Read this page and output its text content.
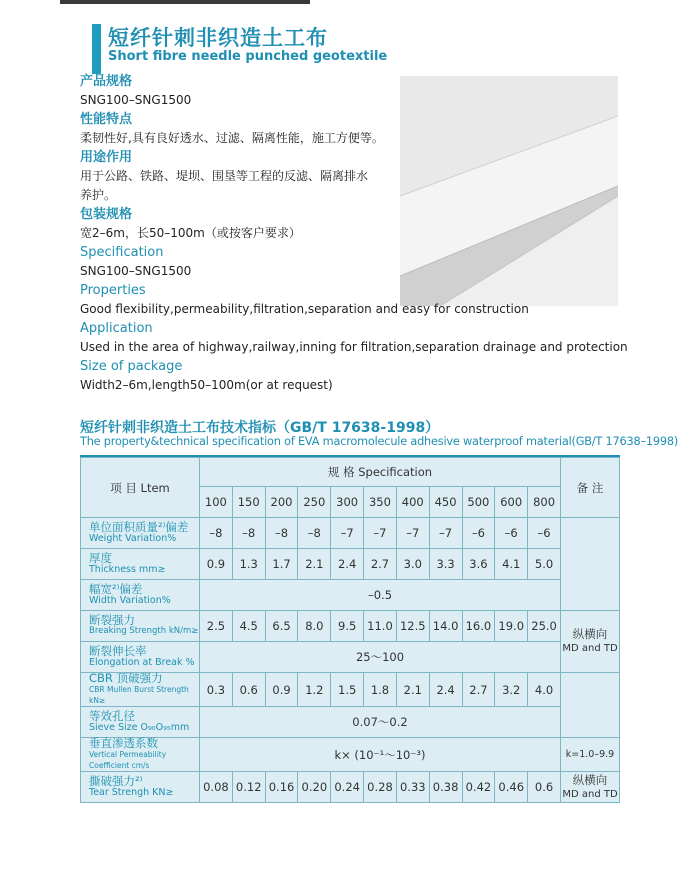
短纤针刺非织造土工布
Short fibre needle punched geotextile
产品规格
SNG100–SNG1500
性能特点
柔韧性好,具有良好透水、过滤、隔离性能，施工方便等。
用途作用
用于公路、铁路、堤坝、围垦等工程的反滤、隔离排水
养护。
包装规格
宽2–6m，长50–100m（或按客户要求）
Specification
SNG100–SNG1500
Properties
Good flexibility,permeability,filtration,separation and easy for construction
Application
Used in the area of highway,railway,inning for filtration,separation drainage and protection
Size of package
Width2–6m,length50–100m(or at request)
短纤针刺非织造土工布技术指标（GB/T 17638-1998）
The property&technical specification of EVA macromolecule adhesive waterproof material(GB/T 17638–1998)
项 目 Ltem	规 格 Specification											备 注
	100	150	200	250	300	350	400	450	500	600	800	

单位面积质量²⁾偏差
Weight Variation%	–8	–8	–8	–8	–7	–7	–7	–7	–6	–6	–6	

厚度
Thickness mm≥	0.9	1.3	1.7	2.1	2.4	2.7	3.0	3.3	3.6	4.1	5.0	

幅宽²⁾偏差
Width Variation%	–0.5											

断裂强力
Breaking Strength kN/m≥	2.5	4.5	6.5	8.0	9.5	11.0	12.5	14.0	16.0	19.0	25.0	纵横向
MD and TD

断裂伸长率
Elongation at Break %	25～100											

CBR 顶破强力
CBR Mullen Burst Strength kN≥	0.3	0.6	0.9	1.2	1.5	1.8	2.1	2.4	2.7	3.2	4.0	

等效孔径
Sieve Size O₉₀O₉₅mm	0.07～0.2											

垂直渗透系数
Vertical Permeability Coefficient cm/s	k× (10⁻¹～10⁻³)											k=1.0–9.9

撕破强力²⁾
Tear Strengh KN≥	0.08	0.12	0.16	0.20	0.24	0.28	0.33	0.38	0.42	0.46	0.6	纵横向
MD and TD
